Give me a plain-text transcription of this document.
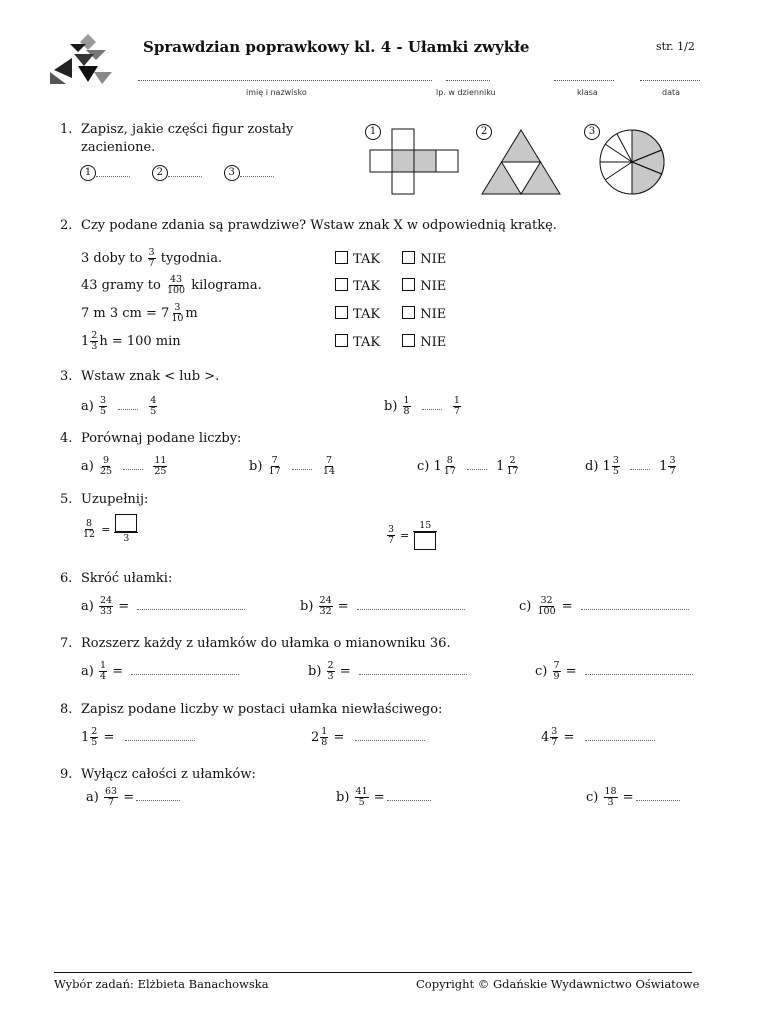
Sprawdzian poprawkowy kl. 4 - Ułamki zwykłe	str. 1/2
imię i nazwisko	lp. w dzienniku	klasa	data
1. Zapisz, jakie części figur zostały
zacienione.
1	2	3
1	2	3
2. Czy podane zdania są prawdziwe? Wstaw znak X w odpowiednią kratkę.
3 doby to $\frac{3}{7}$ tygodnia.
43 gramy to $\frac{43}{100}$ kilograma.
7 m 3 cm = $7 \frac{3}{10}$ m
$1 \frac{2}{3}$ h = 100 min
TAK	NIE
TAK	NIE
TAK	NIE
TAK	NIE
3. Wstaw znak < lub >.
$a) \frac{3}{5}$
	$\frac{4}{5}$	$b) \frac{1}{8}$
	$\frac{1}{7}$
4. Porównaj podane liczby:
$a) \frac{9}{25}$
	$\frac{11}{25}$	$b) \frac{7}{17}$
	$\frac{7}{14}$	c) $1 \frac{8}{17}$	$1 \frac{2}{17}$	d) $1 \frac{3}{5}$	$1 \frac{3}{7}$
5. Uzupełnij:
$\frac{8}{12}$ =
3	$\frac{3}{7}$ =
15
6. Skróć ułamki:
$a) \frac{24}{33}$ =	$b) \frac{24}{32}$ =	$c) \frac{32}{100}$ =
7. Rozszerz każdy z ułamków do ułamka o mianowniku 36.
$a) \frac{1}{4}$ =	$b) \frac{2}{3}$ =	$c) \frac{7}{9}$ =
8. Zapisz podane liczby w postaci ułamka niewłaściwego:
$1 \frac{2}{5}$ =	$2 \frac{1}{8}$ =	$4 \frac{3}{7}$ =
9. Wyłącz całości z ułamków:
$a) \frac{63}{7}$ =	$b) \frac{41}{5}$ =	$c) \frac{18}{3}$ =
Wybór zadań: Elżbieta Banachowska	Copyright © Gdańskie Wydawnictwo Oświatowe
